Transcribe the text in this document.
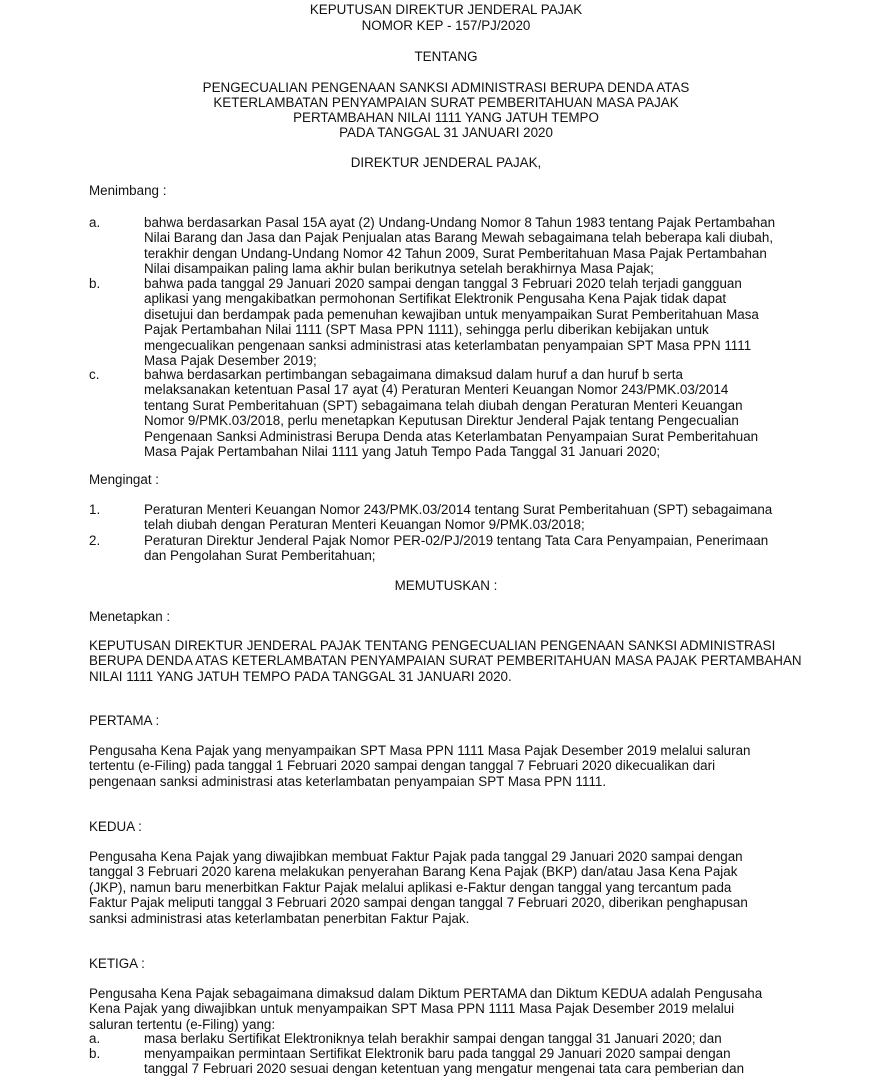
KEPUTUSAN DIREKTUR JENDERAL PAJAK
NOMOR KEP - 157/PJ/2020
TENTANG
PENGECUALIAN PENGENAAN SANKSI ADMINISTRASI BERUPA DENDA ATAS
KETERLAMBATAN PENYAMPAIAN SURAT PEMBERITAHUAN MASA PAJAK
PERTAMBAHAN NILAI 1111 YANG JATUH TEMPO
PADA TANGGAL 31 JANUARI 2020
DIREKTUR JENDERAL PAJAK,
Menimbang :
a.	bahwa berdasarkan Pasal 15A ayat (2) Undang-Undang Nomor 8 Tahun 1983 tentang Pajak Pertambahan
Nilai Barang dan Jasa dan Pajak Penjualan atas Barang Mewah sebagaimana telah beberapa kali diubah,
terakhir dengan Undang-Undang Nomor 42 Tahun 2009, Surat Pemberitahuan Masa Pajak Pertambahan
Nilai disampaikan paling lama akhir bulan berikutnya setelah berakhirnya Masa Pajak;
b.	bahwa pada tanggal 29 Januari 2020 sampai dengan tanggal 3 Februari 2020 telah terjadi gangguan
aplikasi yang mengakibatkan permohonan Sertifikat Elektronik Pengusaha Kena Pajak tidak dapat
disetujui dan berdampak pada pemenuhan kewajiban untuk menyampaikan Surat Pemberitahuan Masa
Pajak Pertambahan Nilai 1111 (SPT Masa PPN 1111), sehingga perlu diberikan kebijakan untuk
mengecualikan pengenaan sanksi administrasi atas keterlambatan penyampaian SPT Masa PPN 1111
Masa Pajak Desember 2019;
c.	bahwa berdasarkan pertimbangan sebagaimana dimaksud dalam huruf a dan huruf b serta
melaksanakan ketentuan Pasal 17 ayat (4) Peraturan Menteri Keuangan Nomor 243/PMK.03/2014
tentang Surat Pemberitahuan (SPT) sebagaimana telah diubah dengan Peraturan Menteri Keuangan
Nomor 9/PMK.03/2018, perlu menetapkan Keputusan Direktur Jenderal Pajak tentang Pengecualian
Pengenaan Sanksi Administrasi Berupa Denda atas Keterlambatan Penyampaian Surat Pemberitahuan
Masa Pajak Pertambahan Nilai 1111 yang Jatuh Tempo Pada Tanggal 31 Januari 2020;
Mengingat :
1.	Peraturan Menteri Keuangan Nomor 243/PMK.03/2014 tentang Surat Pemberitahuan (SPT) sebagaimana
telah diubah dengan Peraturan Menteri Keuangan Nomor 9/PMK.03/2018;
2.	Peraturan Direktur Jenderal Pajak Nomor PER-02/PJ/2019 tentang Tata Cara Penyampaian, Penerimaan
dan Pengolahan Surat Pemberitahuan;
MEMUTUSKAN :
Menetapkan :
KEPUTUSAN DIREKTUR JENDERAL PAJAK TENTANG PENGECUALIAN PENGENAAN SANKSI ADMINISTRASI
BERUPA DENDA ATAS KETERLAMBATAN PENYAMPAIAN SURAT PEMBERITAHUAN MASA PAJAK PERTAMBAHAN
NILAI 1111 YANG JATUH TEMPO PADA TANGGAL 31 JANUARI 2020.
PERTAMA :
Pengusaha Kena Pajak yang menyampaikan SPT Masa PPN 1111 Masa Pajak Desember 2019 melalui saluran
tertentu (e-Filing) pada tanggal 1 Februari 2020 sampai dengan tanggal 7 Februari 2020 dikecualikan dari
pengenaan sanksi administrasi atas keterlambatan penyampaian SPT Masa PPN 1111.
KEDUA :
Pengusaha Kena Pajak yang diwajibkan membuat Faktur Pajak pada tanggal 29 Januari 2020 sampai dengan
tanggal 3 Februari 2020 karena melakukan penyerahan Barang Kena Pajak (BKP) dan/atau Jasa Kena Pajak
(JKP), namun baru menerbitkan Faktur Pajak melalui aplikasi e-Faktur dengan tanggal yang tercantum pada
Faktur Pajak meliputi tanggal 3 Februari 2020 sampai dengan tanggal 7 Februari 2020, diberikan penghapusan
sanksi administrasi atas keterlambatan penerbitan Faktur Pajak.
KETIGA :
Pengusaha Kena Pajak sebagaimana dimaksud dalam Diktum PERTAMA dan Diktum KEDUA adalah Pengusaha
Kena Pajak yang diwajibkan untuk menyampaikan SPT Masa PPN 1111 Masa Pajak Desember 2019 melalui
saluran tertentu (e-Filing) yang:
a.	masa berlaku Sertifikat Elektroniknya telah berakhir sampai dengan tanggal 31 Januari 2020; dan
b.	menyampaikan permintaan Sertifikat Elektronik baru pada tanggal 29 Januari 2020 sampai dengan
tanggal 7 Februari 2020 sesuai dengan ketentuan yang mengatur mengenai tata cara pemberian dan
